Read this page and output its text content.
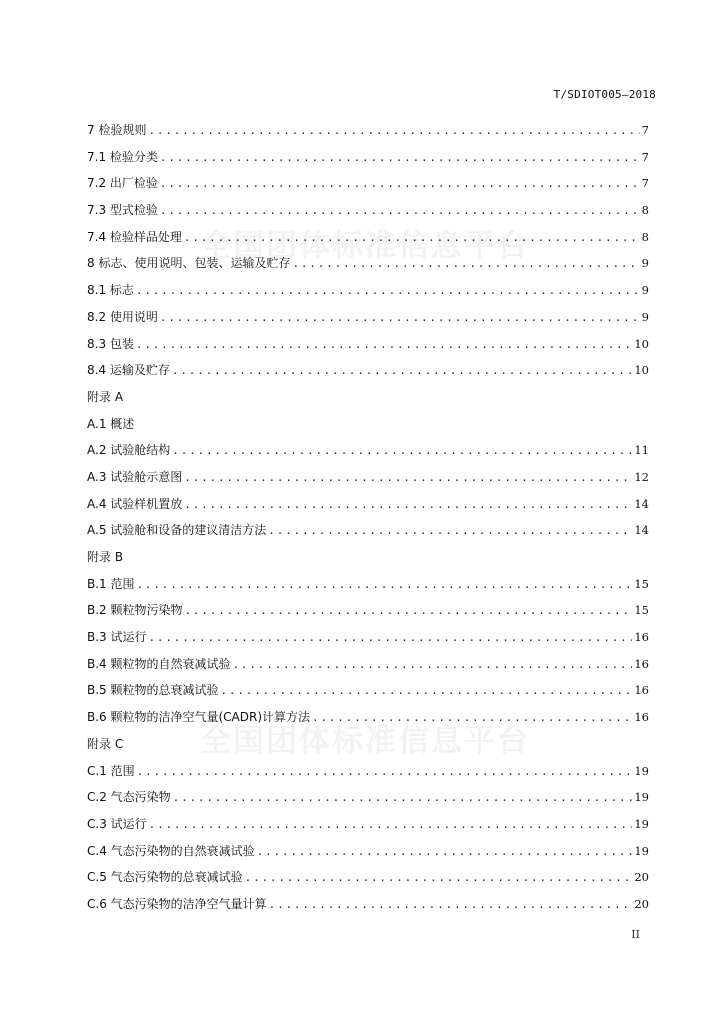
T/SDIOT005—2018
全国团体标准信息平台
全国团体标准信息平台
7 检验规则 .....	7
7.1 检验分类 .....	7
7.2 出厂检验 .....	7
7.3 型式检验 .....	8
7.4 检验样品处理 .....	8
8 标志、使用说明、包装、运输及贮存 .....	9
8.1 标志 .....	9
8.2 使用说明 .....	9
8.3 包装 .....	10
8.4 运输及贮存 .....	10
附录 A
A.1 概述
A.2 试验舱结构 .....	11
A.3 试验舱示意图 .....	12
A.4 试验样机置放 .....	14
A.5 试验舱和设备的建议清洁方法 .....	14
附录 B
B.1 范围 .....	15
B.2 颗粒物污染物 .....	15
B.3 试运行 .....	16
B.4 颗粒物的自然衰减试验 .....	16
B.5 颗粒物的总衰减试验 .....	16
B.6 颗粒物的洁净空气量(CADR)计算方法 .....	16
附录 C
C.1 范围 .....	19
C.2 气态污染物 .....	19
C.3 试运行 .....	19
C.4 气态污染物的自然衰减试验 .....	19
C.5 气态污染物的总衰减试验 .....	20
C.6 气态污染物的洁净空气量计算 .....	20
II
